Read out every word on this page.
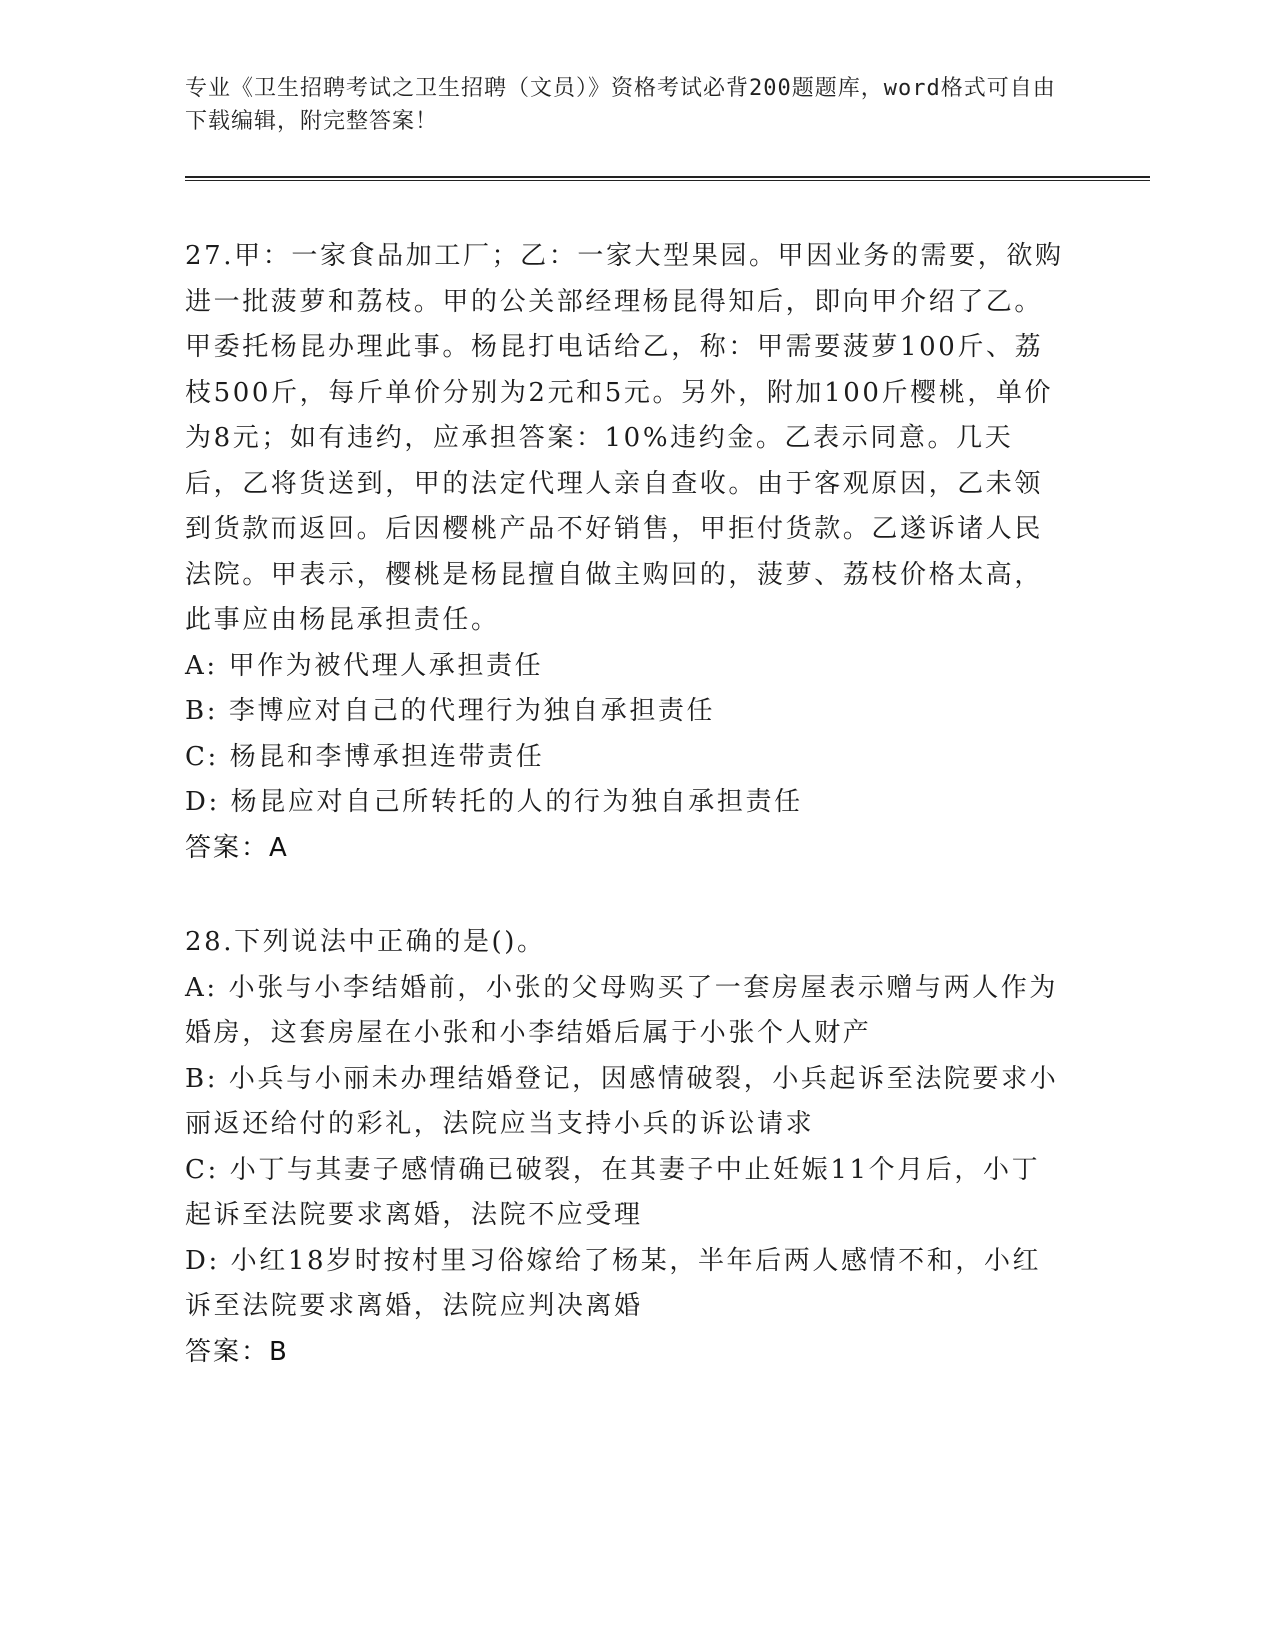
专业《卫生招聘考试之卫生招聘（文员）》资格考试必背200题题库，word格式可自由下载编辑，附完整答案！

27.甲：一家食品加工厂；乙：一家大型果园。甲因业务的需要，欲购进一批菠萝和荔枝。甲的公关部经理杨昆得知后，即向甲介绍了乙。甲委托杨昆办理此事。杨昆打电话给乙，称：甲需要菠萝100斤、荔枝500斤，每斤单价分别为2元和5元。另外，附加100斤樱桃，单价为8元；如有违约，应承担答案：10%违约金。乙表示同意。几天后，乙将货送到，甲的法定代理人亲自查收。由于客观原因，乙未领到货款而返回。后因樱桃产品不好销售，甲拒付货款。乙遂诉诸人民法院。甲表示，樱桃是杨昆擅自做主购回的，菠萝、荔枝价格太高，此事应由杨昆承担责任。

A: 甲作为被代理人承担责任

B: 李博应对自己的代理行为独自承担责任

C: 杨昆和李博承担连带责任

D: 杨昆应对自己所转托的人的行为独自承担责任

答案：A

28.下列说法中正确的是()。

A: 小张与小李结婚前，小张的父母购买了一套房屋表示赠与两人作为婚房，这套房屋在小张和小李结婚后属于小张个人财产

B: 小兵与小丽未办理结婚登记，因感情破裂，小兵起诉至法院要求小丽返还给付的彩礼，法院应当支持小兵的诉讼请求

C: 小丁与其妻子感情确已破裂，在其妻子中止妊娠11个月后，小丁起诉至法院要求离婚，法院不应受理

D: 小红18岁时按村里习俗嫁给了杨某，半年后两人感情不和，小红诉至法院要求离婚，法院应判决离婚

答案：B
